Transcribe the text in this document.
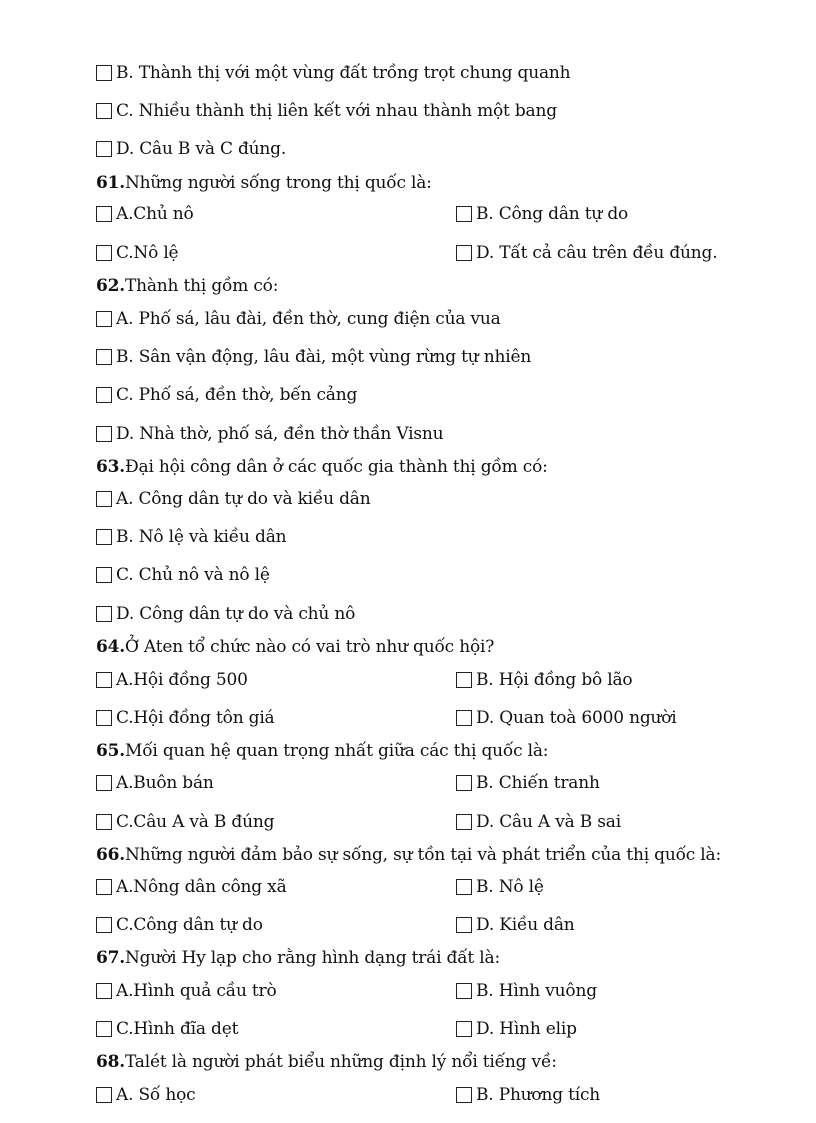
B. Thành thị với một vùng đất trồng trọt chung quanh
C. Nhiều thành thị liên kết với nhau thành một bang
D. Câu B và C đúng.
61. Những người sống trong thị quốc là:
A.Chủ nô	B. Công dân tự do
C.Nô lệ	D. Tất cả câu trên đều đúng.
62. Thành thị gồm có:
A. Phố sá, lâu đài, đền thờ, cung điện của vua
B. Sân vận động, lâu đài, một vùng rừng tự nhiên
C. Phố sá, đền thờ, bến cảng
D. Nhà thờ, phố sá, đền thờ thần Visnu
63. Đại hội công dân ở các quốc gia thành thị gồm có:
A. Công dân tự do và kiều dân
B. Nô lệ và kiều dân
C. Chủ nô và nô lệ
D. Công dân tự do và chủ nô
64. Ở Aten tổ chức nào có vai trò như quốc hội?
A.Hội đồng 500	B. Hội đồng bô lão
C.Hội đồng tôn giá	D. Quan toà 6000 người
65. Mối quan hệ quan trọng nhất giữa các thị quốc là:
A.Buôn bán	B. Chiến tranh
C.Câu A và B đúng	D. Câu A và B sai
66. Những người đảm bảo sự sống, sự tồn tại và phát triển của thị quốc là:
A.Nông dân công xã	B. Nô lệ
C.Công dân tự do	D. Kiều dân
67. Người Hy lạp cho rằng hình dạng trái đất là:
A.Hình quả cầu trò	B. Hình vuông
C.Hình đĩa dẹt	D. Hình elip
68. Talét là người phát biểu những định lý nổi tiếng về:
A. Số học	B. Phương tích
